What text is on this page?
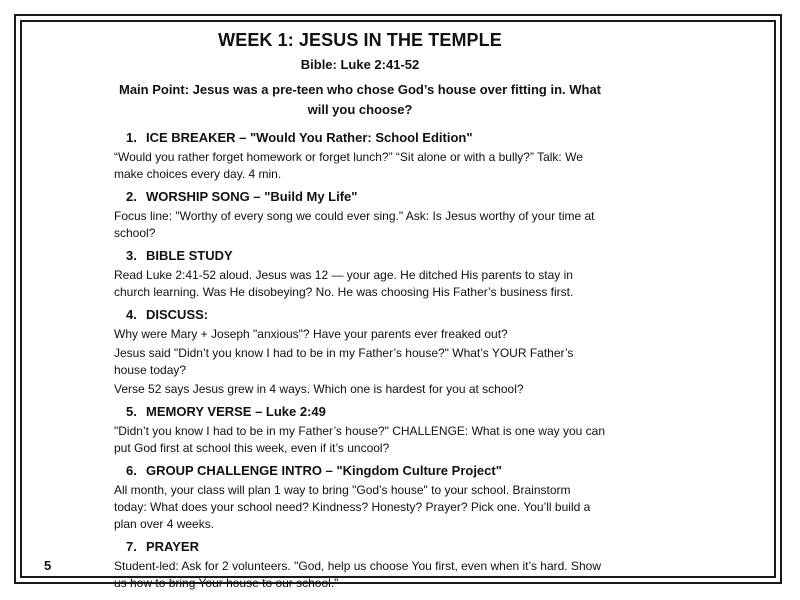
WEEK 1: JESUS IN THE TEMPLE
Bible: Luke 2:41-52
Main Point: Jesus was a pre-teen who chose God’s house over fitting in. What will you choose?
1. ICE BREAKER – "Would You Rather: School Edition"
“Would you rather forget homework or forget lunch?” “Sit alone or with a bully?” Talk: We make choices every day. 4 min.
2. WORSHIP SONG – "Build My Life"
Focus line: "Worthy of every song we could ever sing." Ask: Is Jesus worthy of your time at school?
3. BIBLE STUDY
Read Luke 2:41-52 aloud. Jesus was 12 — your age. He ditched His parents to stay in church learning. Was He disobeying? No. He was choosing His Father’s business first.
4. DISCUSS:
Why were Mary + Joseph "anxious"? Have your parents ever freaked out?
Jesus said "Didn’t you know I had to be in my Father’s house?" What’s YOUR Father’s house today?
Verse 52 says Jesus grew in 4 ways. Which one is hardest for you at school?
5. MEMORY VERSE – Luke 2:49
"Didn’t you know I had to be in my Father’s house?" CHALLENGE: What is one way you can put God first at school this week, even if it’s uncool?
6. GROUP CHALLENGE INTRO – "Kingdom Culture Project"
All month, your class will plan 1 way to bring "God’s house" to your school. Brainstorm today: What does your school need? Kindness? Honesty? Prayer? Pick one. You’ll build a plan over 4 weeks.
7. PRAYER
Student-led: Ask for 2 volunteers. "God, help us choose You first, even when it’s hard. Show us how to bring Your house to our school."
5
